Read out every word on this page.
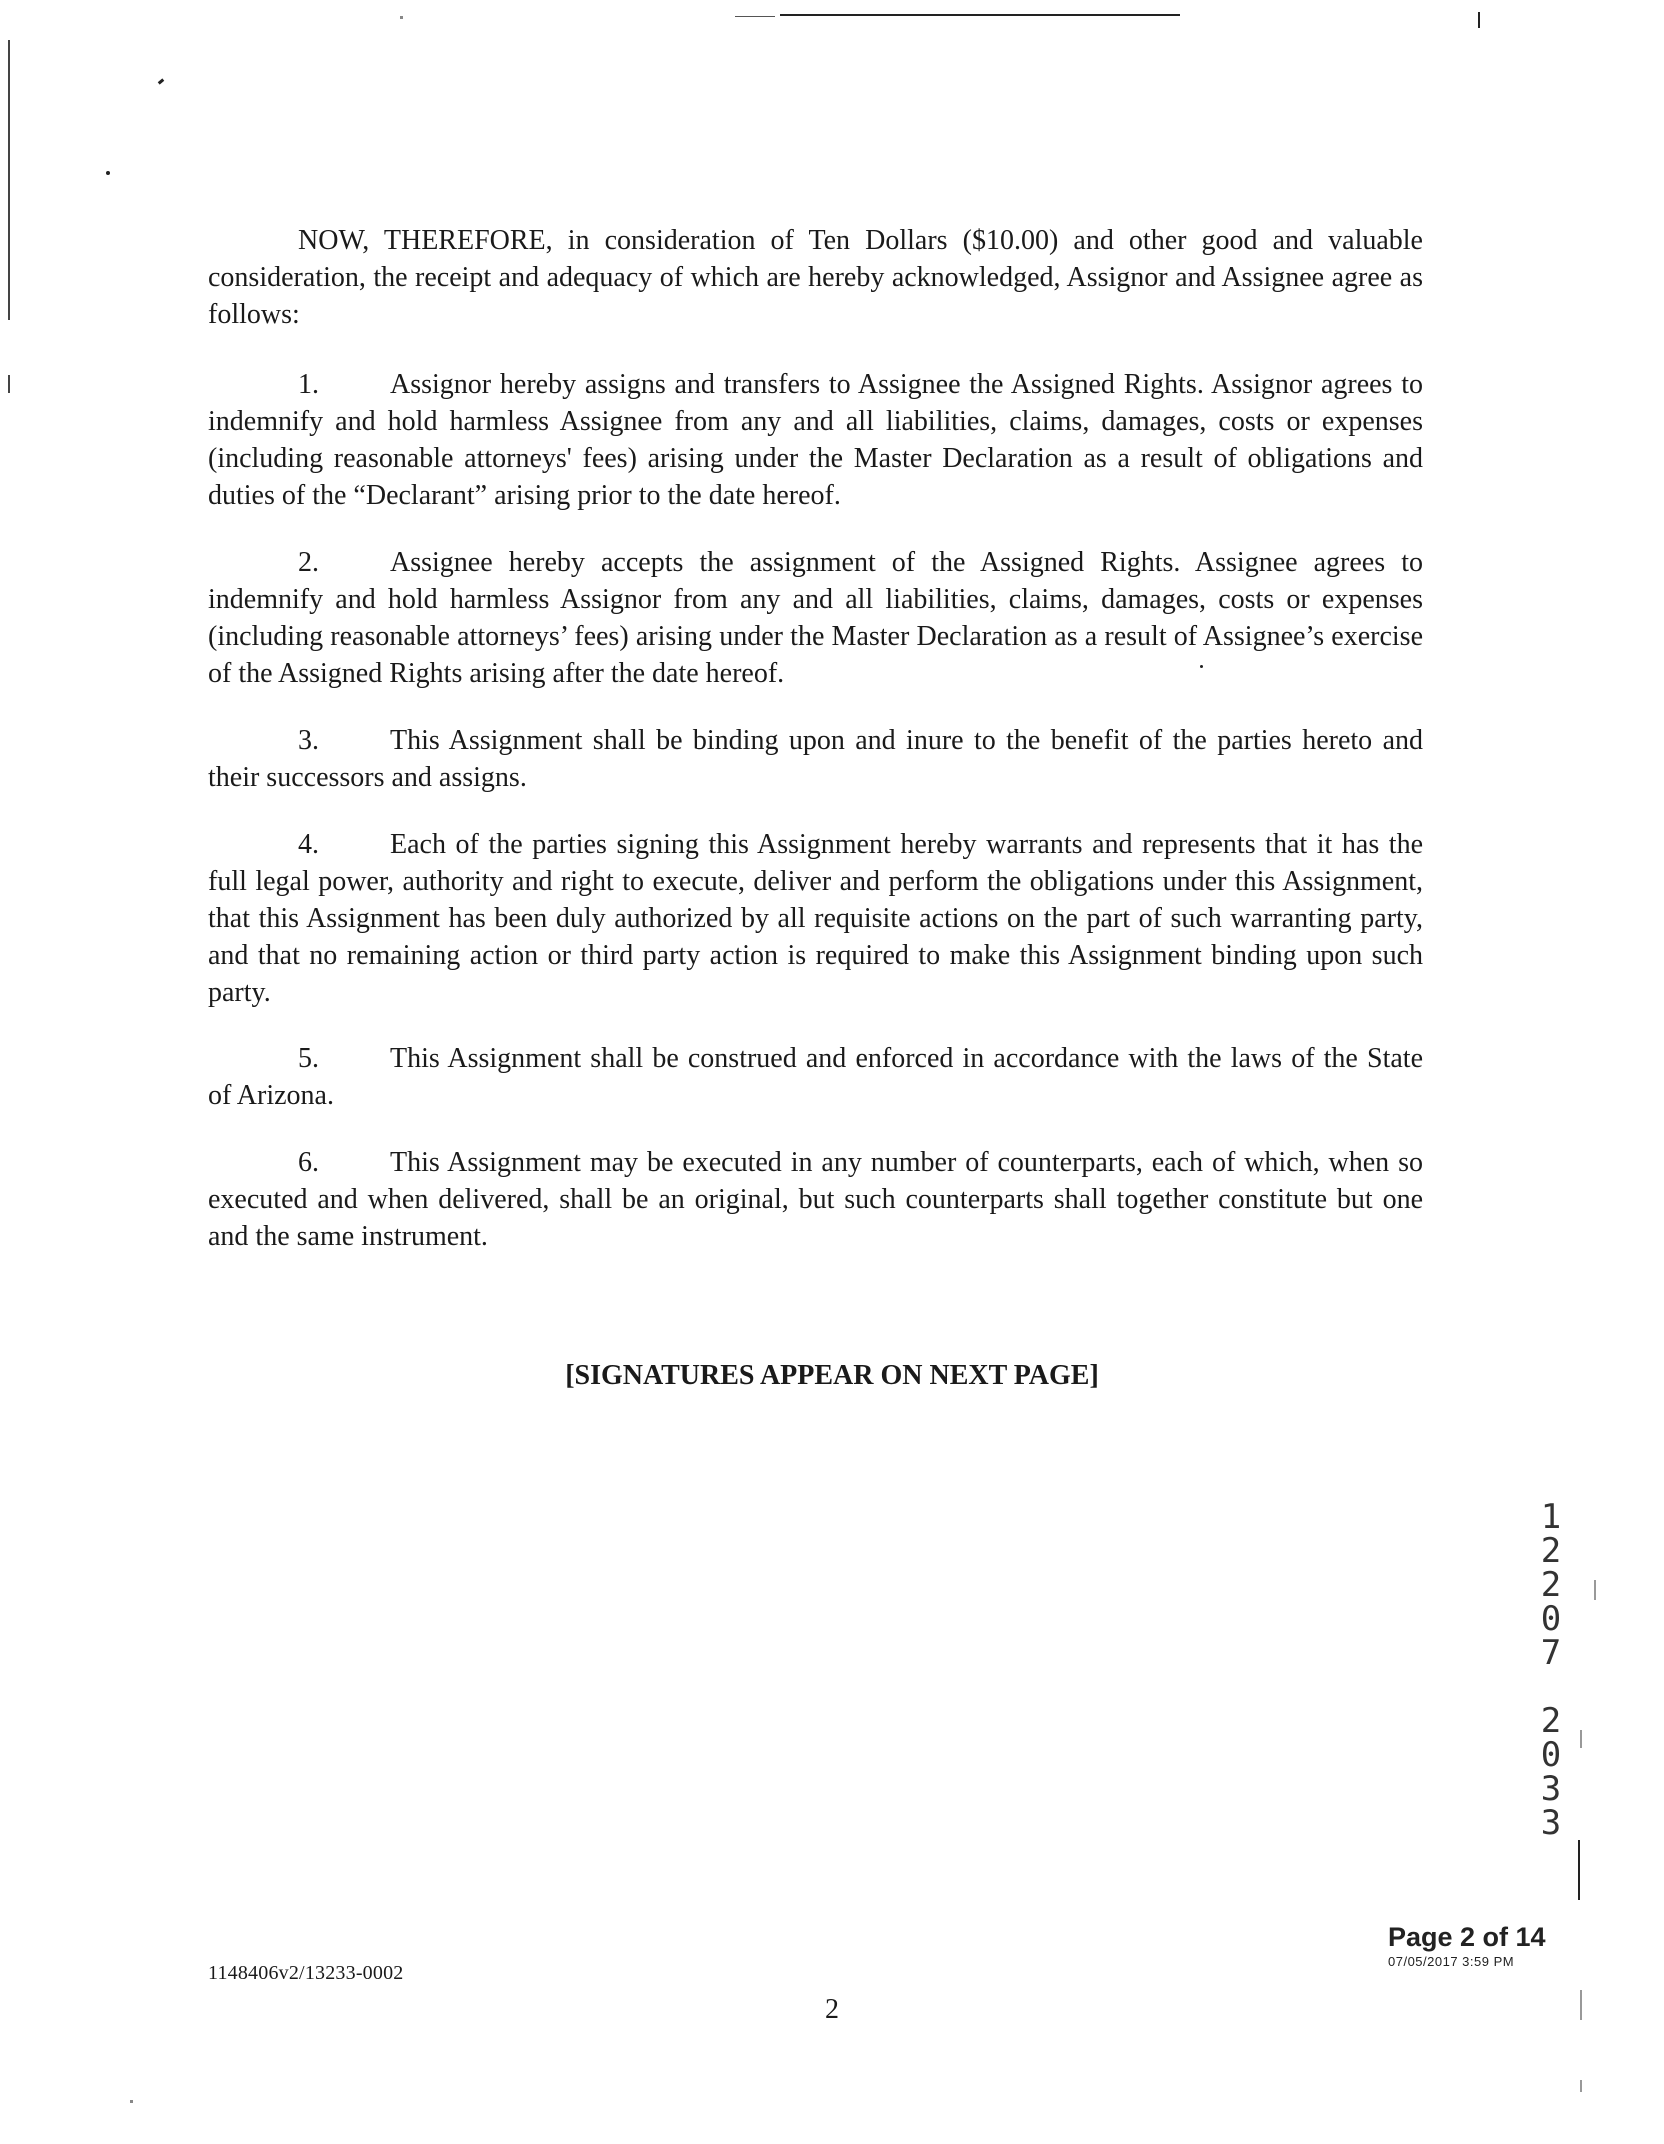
NOW, THEREFORE, in consideration of Ten Dollars ($10.00) and other good and valuable consideration, the receipt and adequacy of which are hereby acknowledged, Assignor and Assignee agree as follows:

1.	Assignor hereby assigns and transfers to Assignee the Assigned Rights. Assignor agrees to indemnify and hold harmless Assignee from any and all liabilities, claims, damages, costs or expenses (including reasonable attorneys' fees) arising under the Master Declaration as a result of obligations and duties of the “Declarant” arising prior to the date hereof.

2.	Assignee hereby accepts the assignment of the Assigned Rights. Assignee agrees to indemnify and hold harmless Assignor from any and all liabilities, claims, damages, costs or expenses (including reasonable attorneys’ fees) arising under the Master Declaration as a result of Assignee’s exercise of the Assigned Rights arising after the date hereof.

3.	This Assignment shall be binding upon and inure to the benefit of the parties hereto and their successors and assigns.

4.	Each of the parties signing this Assignment hereby warrants and represents that it has the full legal power, authority and right to execute, deliver and perform the obligations under this Assignment, that this Assignment has been duly authorized by all requisite actions on the part of such warranting party, and that no remaining action or third party action is required to make this Assignment binding upon such party.

5.	This Assignment shall be construed and enforced in accordance with the laws of the State of Arizona.

6.	This Assignment may be executed in any number of counterparts, each of which, when so executed and when delivered, shall be an original, but such counterparts shall together constitute but one and the same instrument.

[SIGNATURES APPEAR ON NEXT PAGE]
1
2
2
0
7
2
0
3
3
Page 2 of 14
07/05/2017 3:59 PM
1148406v2/13233-0002
2
